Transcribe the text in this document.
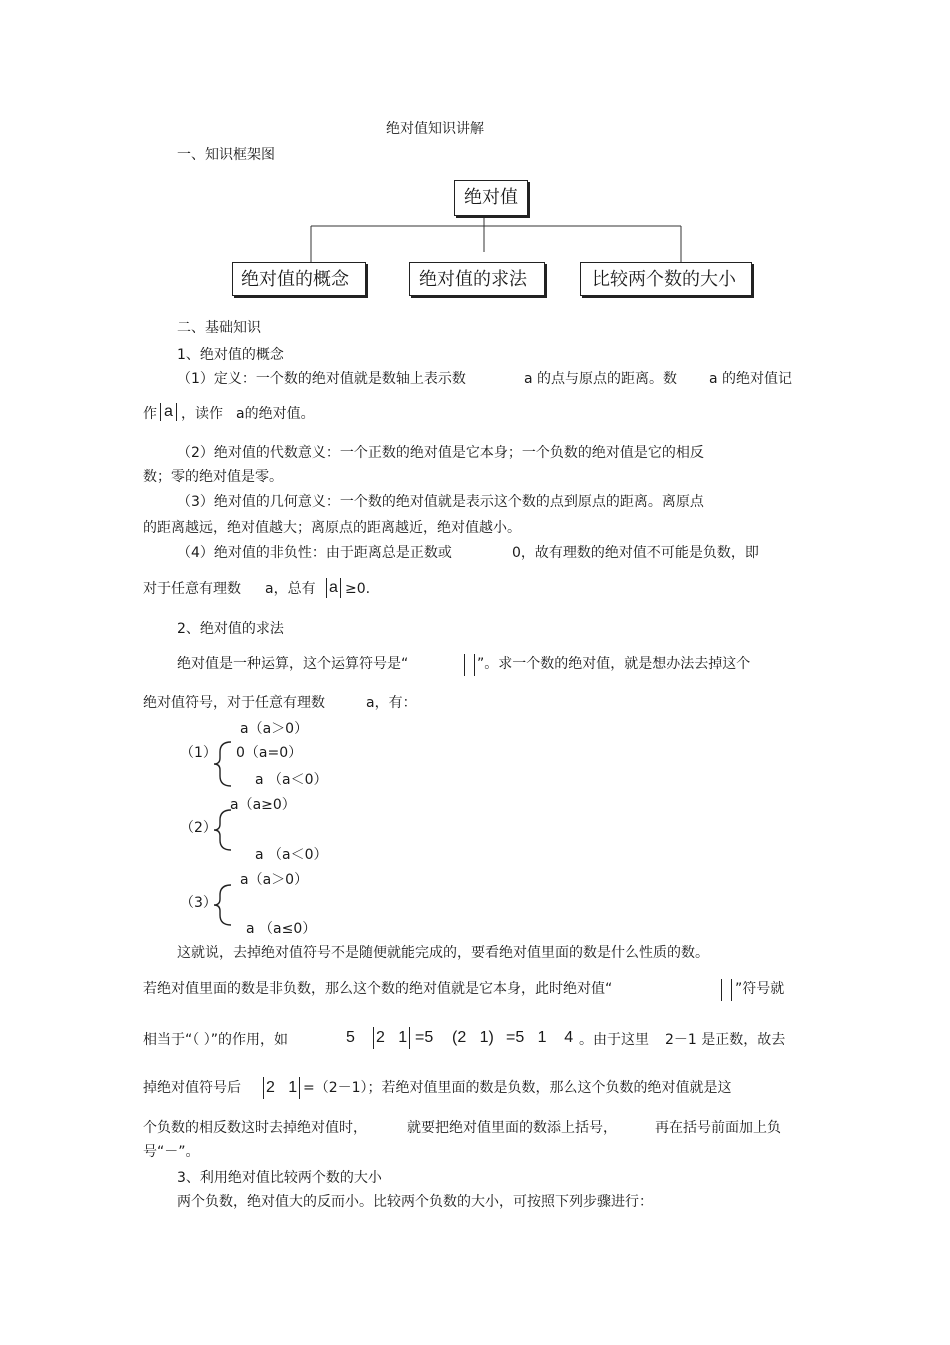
绝对值知识讲解
一、知识框架图
绝对值
绝对值的概念	绝对值的求法	比较两个数的大小
二、基础知识
1、绝对值的概念
（1）定义：一个数的绝对值就是数轴上表示数	a 的点与原点的距离。数 a 的绝对值记
作 a ，读作 a的绝对值。
（2）绝对值的代数意义：一个正数的绝对值是它本身；一个负数的绝对值是它的相反
数；零的绝对值是零。
（3）绝对值的几何意义：一个数的绝对值就是表示这个数的点到原点的距离。离原点
的距离越远，绝对值越大；离原点的距离越近，绝对值越小。
（4）绝对值的非负性：由于距离总是正数或	0，故有理数的绝对值不可能是负数，即
对于任意有理数 a，总有 a ≥0.
2、绝对值的求法
绝对值是一种运算，这个运算符号是“	”。求一个数的绝对值，就是想办法去掉这个
绝对值符号，对于任意有理数	a，有：
（1）
a（a＞0）
0（a=0）
a （a＜0）
（2）
a（a≥0）
a （a＜0）
（3）
a（a＞0）
a （a≤0）
这就说，去掉绝对值符号不是随便就能完成的，要看绝对值里面的数是什么性质的数。
若绝对值里面的数是非负数，那么这个数的绝对值就是它本身，此时绝对值“	”符号就
相当于“（ ）”的作用，如	5 2   1 =5 (2   1) =5   1    4 。由于这里 2－1 是正数，故去
掉绝对值符号后 2   1 =（2－1）；若绝对值里面的数是负数，那么这个负数的绝对值就是这
个负数的相反数这时去掉绝对值时，	就要把绝对值里面的数添上括号，	再在括号前面加上负
号“－”。
3、利用绝对值比较两个数的大小
两个负数，绝对值大的反而小。比较两个负数的大小，可按照下列步骤进行：
